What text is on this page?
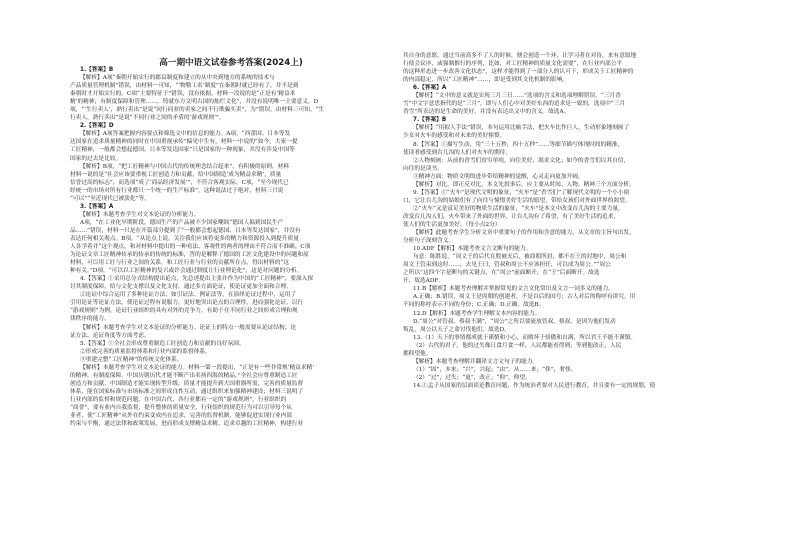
高一期中语文试卷参考答案(2024上)
1.【答案】B
【解析】A项“秦朝开始实行的郡县制度和建立的从中央到地方的系统的技术与
产品质量管理机制”错误，由材料一可知，“‘物勒工名’制度”在秦朝时就已经有了，并不是到
秦朝时才开始实行的。C项“主要特征于”错误，没有依据，材料一没说的是“正是有‘精益求
精’的精神，有制度保障和管理……，铸就东方文明古国的灿烂文化”，并没有说明唯一主要意义。D
项，“‘生行卖人’，熟行卖出”是说“同行同业的卖家之间不行欺骗买卖”，为”错误，由材料三可知，“生
行卖人，熟行卖出”是说“不同行业之间的矛盾的‘游戏规则’”。
2.【答案】D
【解析】A项答案把握内容要点和筛选文中的信息的能力。A项，“西蕾国、日本等发
达国家在追求质量精神的同时在中国重视承传”偏见中生有，材料一中说的“如今，大家一提
工匠精神，一般都会想起德国、日本等发达国家”只是国家的一种现象，并没有涉及中国等
国家的过去是比较。
【解析】B项，“把工匠精神与中国古代的传统理念结合起来”，有积极的原则，材料
材料一说的是“社会应该要重视工匠创造力和贡献，给中国制造‘成为精益求精’，质量
信誉过高的标志”，而选项“成了‘商品经济发展’”，不符合客观实际。C项，“至今现代已
经统一的市场对所有行业都只一个统一的生产标准”，这种说法过于绝对，材料三只说
“可以”“至近现代已被淡化”等。
3.【答案】A
【解析】本题考查学生对文本论证的分析能力。
A项，“在工业化早期阶段，德国生产的产品被不少国家嘲讽“德国人搞到国民生产
品……”错误，材料一只是在开篇部分提到了“一般都会想起德国、日本等发达国家”，并没有
表达任何相关观点。B项，“从论点上说，关注我们应该将更多的精力和资源投入到提升质量
人各学着并“这个观点，和对材料中提出的一种看法、客观性的两者的理由不符合而不准确。C项
为论证文章工匠精神传承的传承的传统的标准，答的是解释了德国的工匠文化建设中的问题和原
材料，可以用工匠与行业之间的关系，和工匠行业与行业的贡献所在点，得出材料的“这
种有关。”D项，“可以以工匠精神的复兴或许会通过制度让行业理论化”，这是对问题的分析。
4.【答案】①采用总分式结构提出论点，先总述提出主张并作为中国的“工匠精神”，要深入探
讨其制度保障，给与文化支撑以及文化支持，通过多方面论证，使论证更加全面和合理。
②论证中综合运用了多种论证方法，如引证法、例证法等，在演绎论证过程中，运用了
引用论证等论证方法，使论证过程有说服力，更好地突出论点的合理性，进而强化论证。以行
“游戏规则”为例，论证行业组织的具有对外的竞争力，有助于在不同行业之间形成合理和规
律秩序的能力。
【解析】本题考查学生对文本论证的分析能力。论证上的特点一般需要从论证结构、论
证方法、论证角度等方面考虑。
5.【答案】①全社会形成尊重制造工匠创造力和贡献的良好氛围。
②形成完善的质量监督体系和行业内部的监督体系。
③重建完整“工匠精神”的传统文化体系。
【解析】本题考查学生对文本论证的能力。材料一第一段提出，“正是有一些非常规‘精益求精’
的精神，有制度保障，中国历朝历代才能不断产出名扬四海的精品。”全社会应尊重制造工匠
创造力和贡献，中国制造才能实现转型升级，质量才能提升到大国重器所需，完善的质量监督
体系，能在国家标准与市场标准之间形成良性互动，通过组织来加强精神建设；材料三说明了
行业内部的监督和规范问题，在中国古代，各行业都有一定的“游戏规则”，行业组织的
“商誉”，要有业内自我监督，提升整体的质量安全，行业组织的规范行为可以引导每个从
业者，使“工匠精神”从外在约束变成内在追求，完善的监督机制，能够促进实现行业内部
约束与平衡，通过法律和政策发展，进而形成支撑精益求精、追求卓越的工匠精神，构建行业
其自身的意愿，通过当前高多不了人的时候，便会创造一个环，让学习者在对待，来有意愿地
行使会议序，或强制推行的序列，比如，对工匠精神的质量文化需要“，在行业内部公平
的这种形态进一步改善文化状态”，这样才能得到了一部分人的认可下，形成关于工匠精神的
的内部稳定，所以“工匠精神”……，即是受到其文化机制的影响。
6.【答案】A
【解析】“文中的意义就是实现三月三日……”选项的含义和选项理解错误，“三月香
雪”中文字意思指代的是“三月”，即与人们心中对美好东西的追求是一致的，选项中“三月
香雪”所表达的是生命的美好，并没有表达出文中的含义。故选A。
7.【答案】B
【解析】“用拟人手法”错误，本句运用比喻手法，把火车比作巨人，生动形象地刻画了
少女对火车的感受和对未来的美好憧憬。
8.【答案】①描写生动，用“三十五秒，四十五秒”……等细节描写体现时间的精准，
使读者感受到台儿沟的人们对火车的期待。
②人物刻画：从前的香雪们贫穷单纯，向往美好、渴求文化；如今的香雪们以其自信，
向往的是读书。
③精神方面：物质文明的进步带给精神的觉醒，心灵走向更加开阔。
【解析】对比，即正反对比，本文先叙事后，应主要从时间、人物、精神三个方面分析。
9.【答案】①“火车”是现代文明的象征，“火车”是“香雪们”了解现代文明的一个小小窗
口，它让台儿沟的姑娘们有了向往与憧憬美好生活的愿望，带给女孩们对外面世界的渴望。
②“火车”又是富足美好的物质生活的象征，“火车”是本文中改变台儿沟的主要力量，
改变台儿沟人们，火车带来了外面的世界，让台儿沟有了希望，有了美好生活的追求，
使人们的生活更加美好。（每小点2分）
【解析】此题考查学生分析文章中重要句子的作用和含意的能力。从文章的主旨句出发，
分析句子深刻含义。
10.ADF【解析】本题考查文言文断句的能力。
句意：陈胜说，“周文王的后代在殷被灭后，被商朝所封，都不在王的封地中，周公和
周文王管束到这时……，去见王曰，管叔和周公不应该担任，可以成为周公。”“周公
之所以”这四个字是断句的关键点，在“周公”前面断开，在“王”后面断开。故选
开，故选ADF。
11.B【解析】本题考查理解并掌握常见的文言文化常识及文言一词多义的能力。
A.正确；B.错误，周文王是周朝的创建者，不是以后的国号；古人对后的称呼有讲究，用
不同的称呼表示不同的身份；C.正确；D.正确。故选B。
12.D【解析】本题考查学生理解文本内容的能力。
D.“周公”对管叔、蔡叔不满”，“周公”之所以要流放管叔、蔡叔，是因为他们发动
叛乱，周公以天子之命讨伐他们。故选D。
13.（1）天下的事情都成就于谨慎和小心，而败坏于骄傲和自满，所以君王不能不谨慎。
（2）古代的君子，他的过失像日食月食一样，人民都能看得到；等到他改正，人民
都仰望他。
【解析】本题考查理解并翻译文言文句子的能力。
（1）“固”，本来；“兴”，兴起；“由”，从……来；“侈”，奢侈。
（2）“过”，过失；“更”，改正；“仰”，仰望。
14.①孟子从国家的层面谈论教育问题，作为统治者要对人民进行教育，并且要有一定的规划，使
